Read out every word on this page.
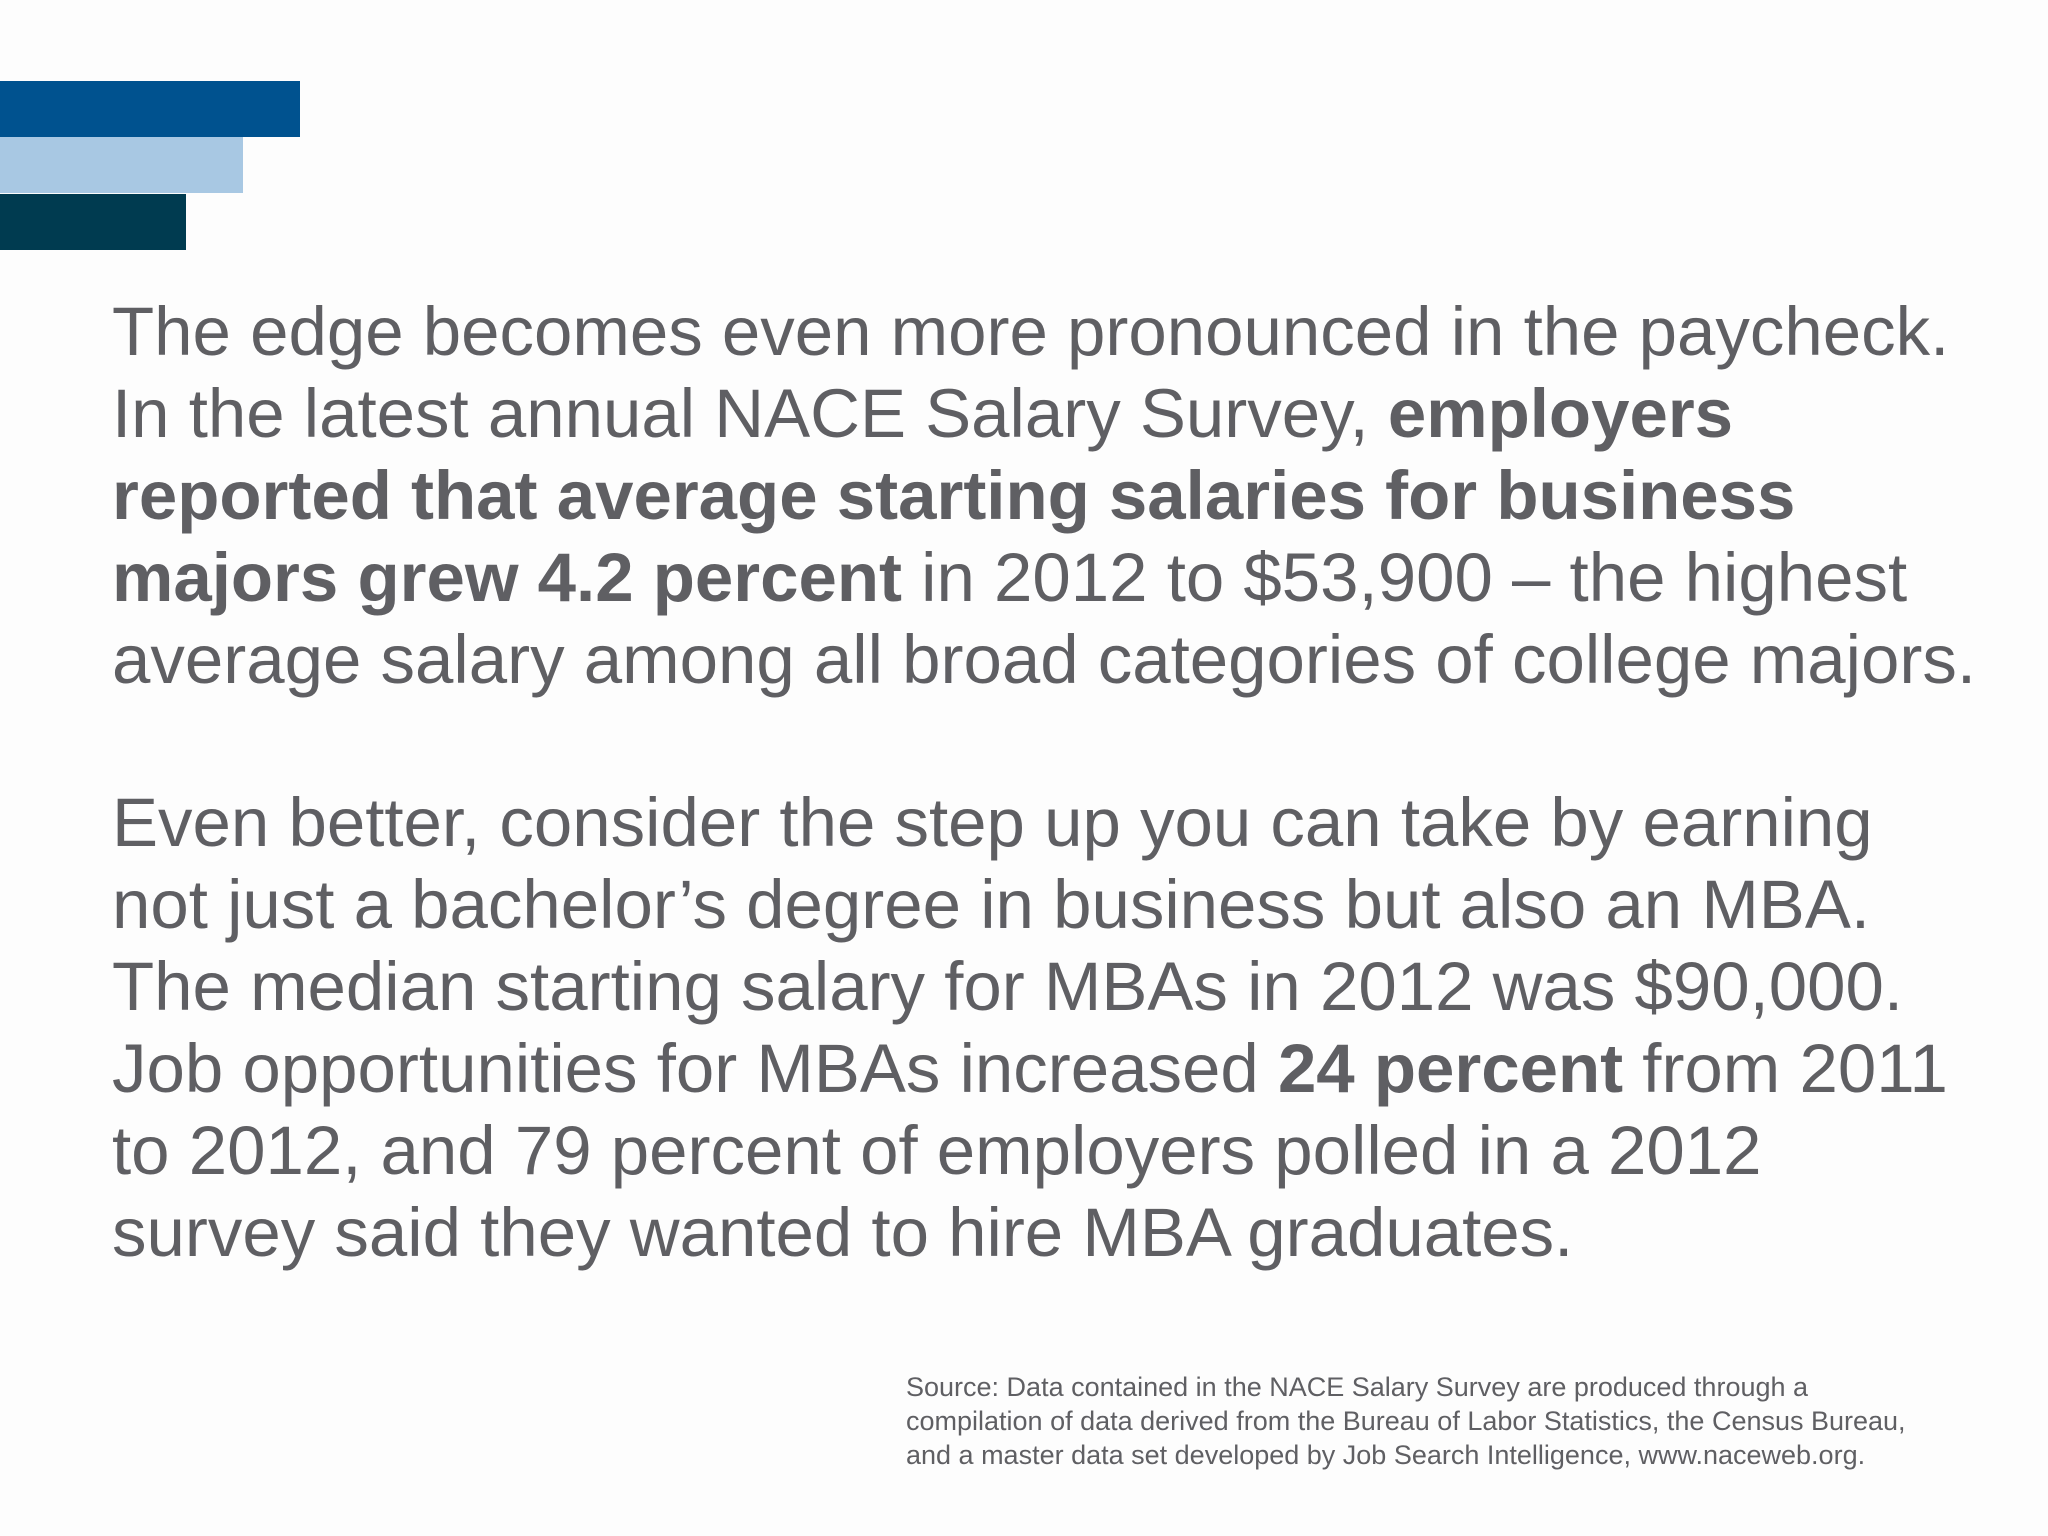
The edge becomes even more pronounced in the paycheck.
In the latest annual NACE Salary Survey, employers
reported that average starting salaries for business
majors grew 4.2 percent in 2012 to $53,900 – the highest
average salary among all broad categories of college majors.

Even better, consider the step up you can take by earning
not just a bachelor’s degree in business but also an MBA.
The median starting salary for MBAs in 2012 was $90,000.
Job opportunities for MBAs increased 24 percent from 2011
to 2012, and 79 percent of employers polled in a 2012
survey said they wanted to hire MBA graduates.

Source: Data contained in the NACE Salary Survey are produced through a
compilation of data derived from the Bureau of Labor Statistics, the Census Bureau,
and a master data set developed by Job Search Intelligence, www.naceweb.org.
